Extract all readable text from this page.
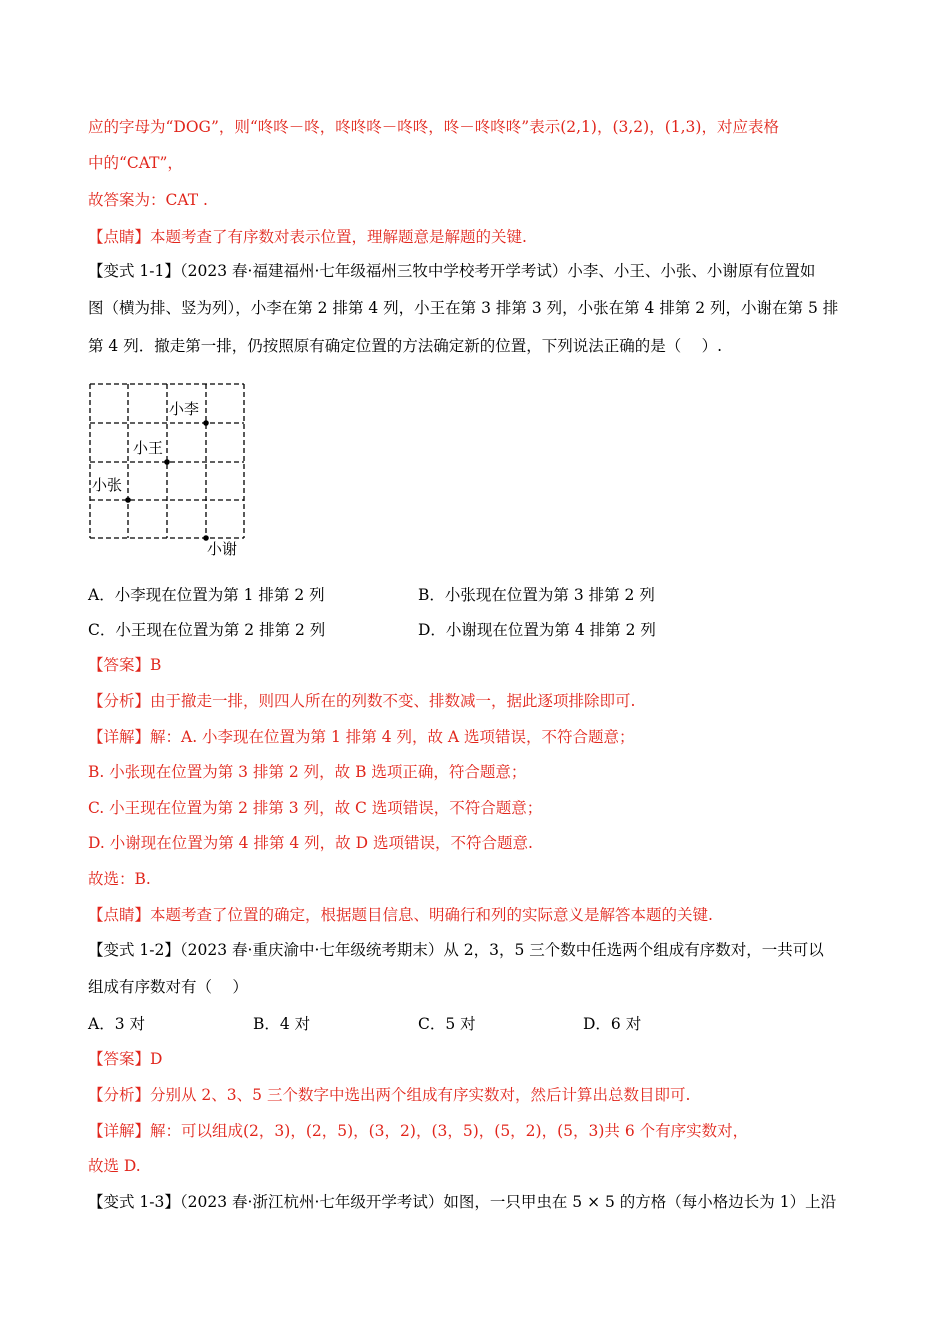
应的字母为“DOG”，则“咚咚－咚，咚咚咚－咚咚，咚－咚咚咚”表示(2,1)，(3,2)，(1,3)，对应表格
中的“CAT”，
故答案为：CAT .
【点睛】本题考查了有序数对表示位置，理解题意是解题的关键.
【变式 1-1】（2023 春·福建福州·七年级福州三牧中学校考开学考试）小李、小王、小张、小谢原有位置如
图（横为排、竖为列），小李在第 2 排第 4 列，小王在第 3 排第 3 列，小张在第 4 排第 2 列，小谢在第 5 排
第 4 列．撤走第一排，仍按照原有确定位置的方法确定新的位置，下列说法正确的是（　 ）.
小李
小王
小张
小谢
A．小李现在位置为第 1 排第 2 列	B．小张现在位置为第 3 排第 2 列
C．小王现在位置为第 2 排第 2 列	D．小谢现在位置为第 4 排第 2 列
【答案】B
【分析】由于撤走一排，则四人所在的列数不变、排数减一，据此逐项排除即可.
【详解】解：A. 小李现在位置为第 1 排第 4 列，故 A 选项错误，不符合题意；
B. 小张现在位置为第 3 排第 2 列，故 B 选项正确，符合题意；
C. 小王现在位置为第 2 排第 3 列，故 C 选项错误，不符合题意；
D. 小谢现在位置为第 4 排第 4 列，故 D 选项错误，不符合题意.
故选：B.
【点睛】本题考查了位置的确定，根据题目信息、明确行和列的实际意义是解答本题的关键.
【变式 1-2】（2023 春·重庆渝中·七年级统考期末）从 2，3，5 三个数中任选两个组成有序数对，一共可以
组成有序数对有（　 ）
A．3 对	B．4 对	C．5 对	D．6 对
【答案】D
【分析】分别从 2、3、5 三个数字中选出两个组成有序实数对，然后计算出总数目即可.
【详解】解：可以组成(2，3)，(2，5)，(3，2)，(3，5)，(5，2)，(5，3)共 6 个有序实数对，
故选 D.
【变式 1-3】（2023 春·浙江杭州·七年级开学考试）如图，一只甲虫在 5 × 5 的方格（每小格边长为 1）上沿
